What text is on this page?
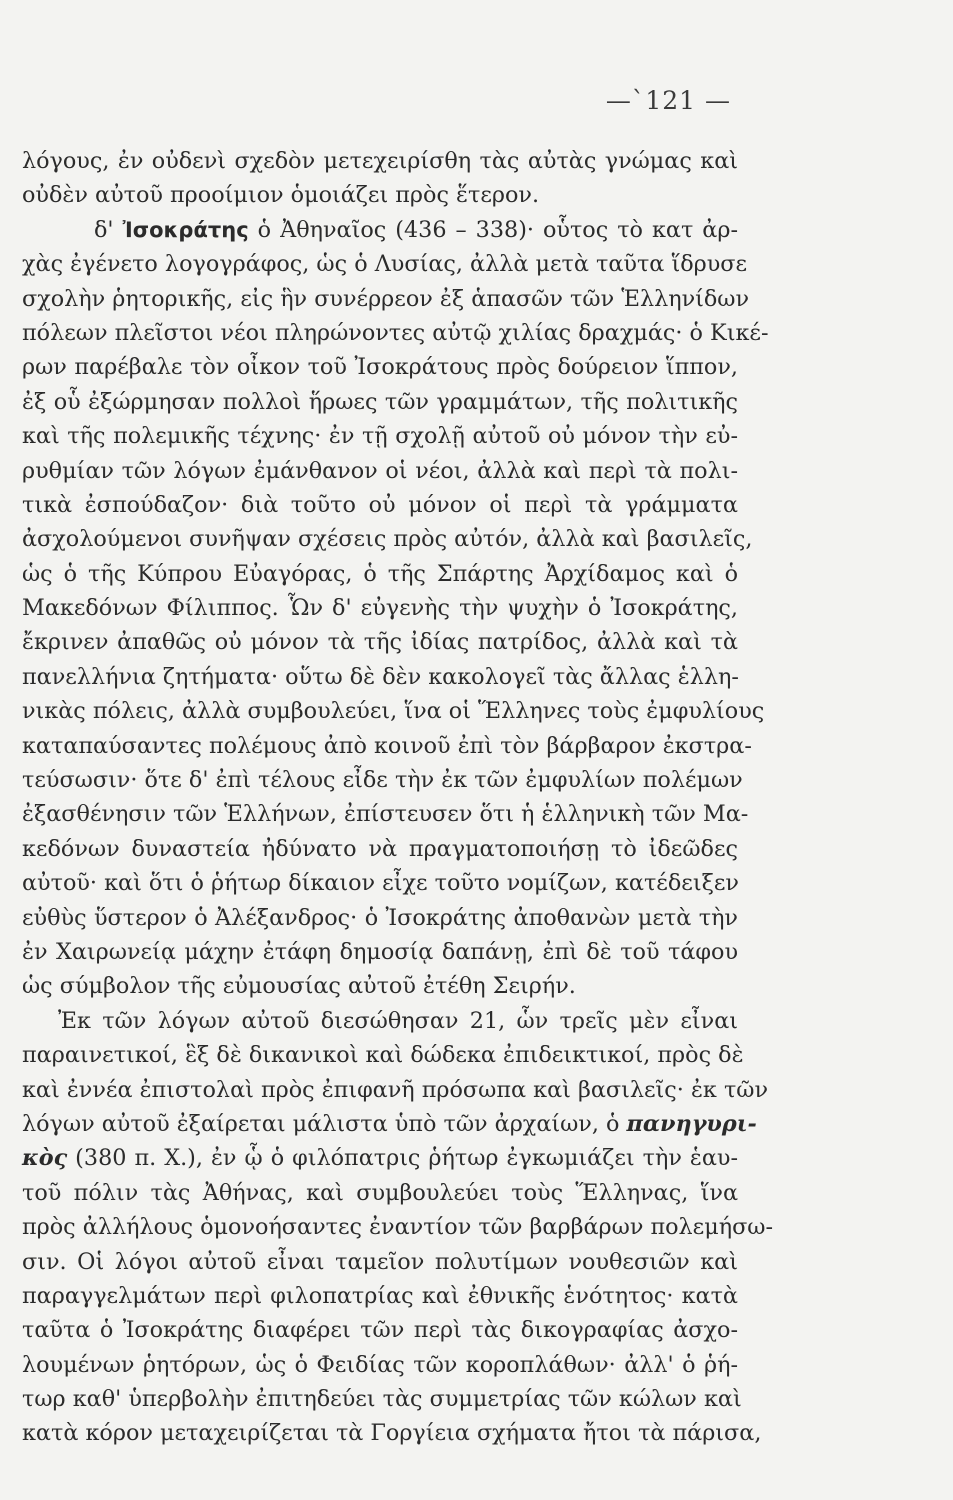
—`121 —
λόγους, ἐν οὐδενὶ σχεδὸν μετεχειρίσθη τὰς αὐτὰς γνώμας καὶ
οὐδὲν αὐτοῦ προοίμιον ὁμοιάζει πρὸς ἕτερον.
δ' Ἰσοκράτης ὁ Ἀθηναῖος (436 – 338)· οὗτος τὸ κατ ἀρ-
χὰς ἐγένετο λογογράφος, ὡς ὁ Λυσίας, ἀλλὰ μετὰ ταῦτα ἵδρυσε
σχολὴν ῥητορικῆς, εἰς ἣν συνέρρεον ἐξ ἁπασῶν τῶν Ἑλληνίδων
πόλεων πλεῖστοι νέοι πληρώνοντες αὐτῷ χιλίας δραχμάς· ὁ Κικέ-
ρων παρέβαλε τὸν οἶκον τοῦ Ἰσοκράτους πρὸς δούρειον ἵππον,
ἐξ οὗ ἐξώρμησαν πολλοὶ ἥρωες τῶν γραμμάτων, τῆς πολιτικῆς
καὶ τῆς πολεμικῆς τέχνης· ἐν τῇ σχολῇ αὐτοῦ οὐ μόνον τὴν εὐ-
ρυθμίαν τῶν λόγων ἐμάνθανον οἱ νέοι, ἀλλὰ καὶ περὶ τὰ πολι-
τικὰ ἐσπούδαζον· διὰ τοῦτο οὐ μόνον οἱ περὶ τὰ γράμματα
ἀσχολούμενοι συνῆψαν σχέσεις πρὸς αὐτόν, ἀλλὰ καὶ βασιλεῖς,
ὡς ὁ τῆς Κύπρου Εὐαγόρας, ὁ τῆς Σπάρτης Ἀρχίδαμος καὶ ὁ
Μακεδόνων Φίλιππος. Ὧν δ' εὐγενὴς τὴν ψυχὴν ὁ Ἰσοκράτης,
ἔκρινεν ἀπαθῶς οὐ μόνον τὰ τῆς ἰδίας πατρίδος, ἀλλὰ καὶ τὰ
πανελλήνια ζητήματα· οὕτω δὲ δὲν κακολογεῖ τὰς ἄλλας ἑλλη-
νικὰς πόλεις, ἀλλὰ συμβουλεύει, ἵνα οἱ Ἕλληνες τοὺς ἐμφυλίους
καταπαύσαντες πολέμους ἀπὸ κοινοῦ ἐπὶ τὸν βάρβαρον ἐκστρα-
τεύσωσιν· ὅτε δ' ἐπὶ τέλους εἶδε τὴν ἐκ τῶν ἐμφυλίων πολέμων
ἐξασθένησιν τῶν Ἑλλήνων, ἐπίστευσεν ὅτι ἡ ἑλληνικὴ τῶν Μα-
κεδόνων δυναστεία ἠδύνατο νὰ πραγματοποιήσῃ τὸ ἰδεῶδες
αὐτοῦ· καὶ ὅτι ὁ ῥήτωρ δίκαιον εἶχε τοῦτο νομίζων, κατέδειξεν
εὐθὺς ὕστερον ὁ Ἀλέξανδρος· ὁ Ἰσοκράτης ἀποθανὼν μετὰ τὴν
ἐν Χαιρωνείᾳ μάχην ἐτάφη δημοσίᾳ δαπάνῃ, ἐπὶ δὲ τοῦ τάφου
ὡς σύμβολον τῆς εὐμουσίας αὐτοῦ ἐτέθη Σειρήν.
Ἐκ τῶν λόγων αὐτοῦ διεσώθησαν 21, ὧν τρεῖς μὲν εἶναι
παραινετικοί, ἓξ δὲ δικανικοὶ καὶ δώδεκα ἐπιδεικτικοί, πρὸς δὲ
καὶ ἐννέα ἐπιστολαὶ πρὸς ἐπιφανῆ πρόσωπα καὶ βασιλεῖς· ἐκ τῶν
λόγων αὐτοῦ ἐξαίρεται μάλιστα ὑπὸ τῶν ἀρχαίων, ὁ πανηγυρι-
κὸς (380 π. Χ.), ἐν ᾧ ὁ φιλόπατρις ῥήτωρ ἐγκωμιάζει τὴν ἑαυ-
τοῦ πόλιν τὰς Ἀθήνας, καὶ συμβουλεύει τοὺς Ἕλληνας, ἵνα
πρὸς ἀλλήλους ὁμονοήσαντες ἐναντίον τῶν βαρβάρων πολεμήσω-
σιν. Οἱ λόγοι αὐτοῦ εἶναι ταμεῖον πολυτίμων νουθεσιῶν καὶ
παραγγελμάτων περὶ φιλοπατρίας καὶ ἐθνικῆς ἑνότητος· κατὰ
ταῦτα ὁ Ἰσοκράτης διαφέρει τῶν περὶ τὰς δικογραφίας ἀσχο-
λουμένων ῥητόρων, ὡς ὁ Φειδίας τῶν κοροπλάθων· ἀλλ' ὁ ῥή-
τωρ καθ' ὑπερβολὴν ἐπιτηδεύει τὰς συμμετρίας τῶν κώλων καὶ
κατὰ κόρον μεταχειρίζεται τὰ Γοργίεια σχήματα ἤτοι τὰ πάρισα,
